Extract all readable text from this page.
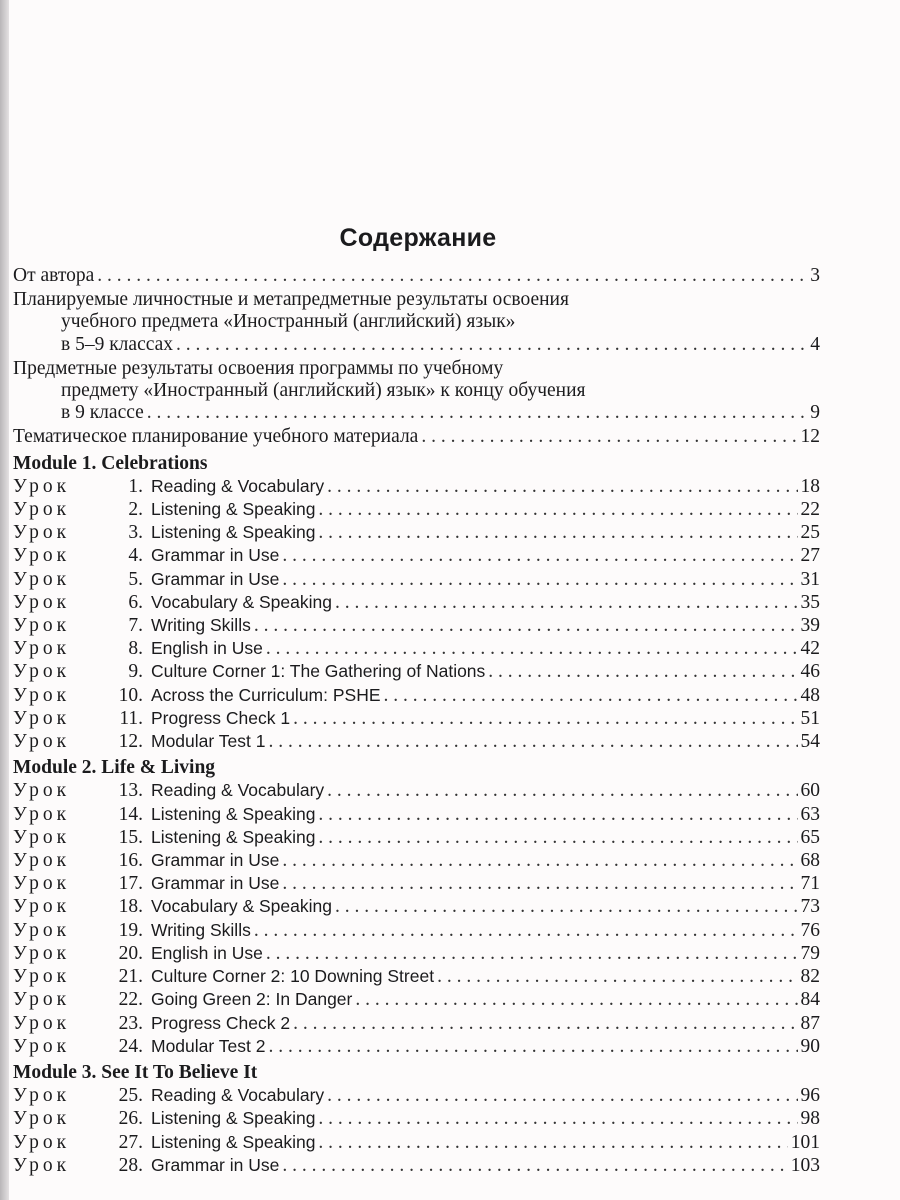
Содержание
От автора . . .	3
Планируемые личностные и метапредметные результаты освоения
учебного предмета «Иностранный (английский) язык»
в 5–9 классах . . .	4
Предметные результаты освоения программы по учебному
предмету «Иностранный (английский) язык» к концу обучения
в 9 классе . . .	9
Тематическое планирование учебного материала . . .	12
Module 1. Celebrations
Урок	1. Reading & Vocabulary . . .	18
Урок	2. Listening & Speaking . . .	22
Урок	3. Listening & Speaking . . .	25
Урок	4. Grammar in Use . . .	27
Урок	5. Grammar in Use . . .	31
Урок	6. Vocabulary & Speaking . . .	35
Урок	7. Writing Skills . . .	39
Урок	8. English in Use . . .	42
Урок	9. Culture Corner 1: The Gathering of Nations . . .	46
Урок	10. Across the Curriculum: PSHE . . .	48
Урок	11. Progress Check 1 . . .	51
Урок	12. Modular Test 1 . . .	54
Module 2. Life & Living
Урок	13. Reading & Vocabulary . . .	60
Урок	14. Listening & Speaking . . .	63
Урок	15. Listening & Speaking . . .	65
Урок	16. Grammar in Use . . .	68
Урок	17. Grammar in Use . . .	71
Урок	18. Vocabulary & Speaking . . .	73
Урок	19. Writing Skills . . .	76
Урок	20. English in Use . . .	79
Урок	21. Culture Corner 2: 10 Downing Street . . .	82
Урок	22. Going Green 2: In Danger . . .	84
Урок	23. Progress Check 2 . . .	87
Урок	24. Modular Test 2 . . .	90
Module 3. See It To Believe It
Урок	25. Reading & Vocabulary . . .	96
Урок	26. Listening & Speaking . . .	98
Урок	27. Listening & Speaking . . .	101
Урок	28. Grammar in Use . . .	103
